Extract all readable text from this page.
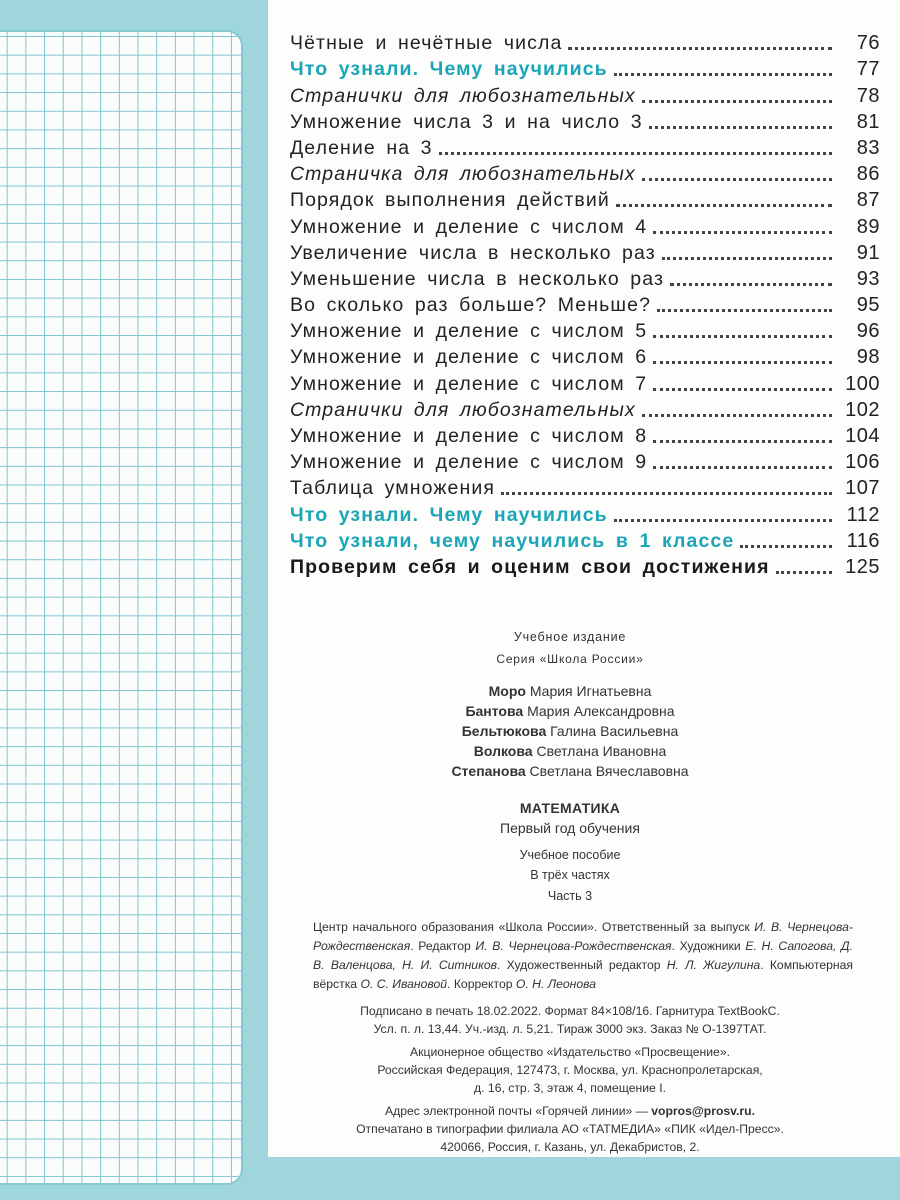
Чётные и нечётные числа	76
Что узнали. Чему научились	77
Странички для любознательных	78
Умножение числа 3 и на число 3	81
Деление на 3	83
Страничка для любознательных	86
Порядок выполнения действий	87
Умножение и деление с числом 4	89
Увеличение числа в несколько раз	91
Уменьшение числа в несколько раз	93
Во сколько раз больше? Меньше?	95
Умножение и деление с числом 5	96
Умножение и деление с числом 6	98
Умножение и деление с числом 7	100
Странички для любознательных	102
Умножение и деление с числом 8	104
Умножение и деление с числом 9	106
Таблица умножения	107
Что узнали. Чему научились	112
Что узнали, чему научились в 1 классе	116
Проверим себя и оценим свои достижения	125
Учебное издание
Серия «Школа России»
Моро Мария Игнатьевна
Бантова Мария Александровна
Бельтюкова Галина Васильевна
Волкова Светлана Ивановна
Степанова Светлана Вячеславовна
МАТЕМАТИКА
Первый год обучения
Учебное пособие
В трёх частях
Часть 3
Центр начального образования «Школа России». Ответственный за выпуск И. В. Чернецова-Рождественская. Редактор И. В. Чернецова-Рождественская. Художники Е. Н. Сапогова, Д. В. Валенцова, Н. И. Ситников. Художественный редактор Н. Л. Жигулина. Компьютерная вёрстка О. С. Ивановой. Корректор О. Н. Леонова
Подписано в печать 18.02.2022. Формат 84×108/16. Гарнитура TextBookC.
Усл. п. л. 13,44. Уч.-изд. л. 5,21. Тираж 3000 экз. Заказ № О-1397ТАТ.
Акционерное общество «Издательство «Просвещение».
Российская Федерация, 127473, г. Москва, ул. Краснопролетарская,
д. 16, стр. 3, этаж 4, помещение I.
Адрес электронной почты «Горячей линии» — vopros@prosv.ru.
Отпечатано в типографии филиала АО «ТАТМЕДИА» «ПИК «Идел-Пресс».
420066, Россия, г. Казань, ул. Декабристов, 2.
